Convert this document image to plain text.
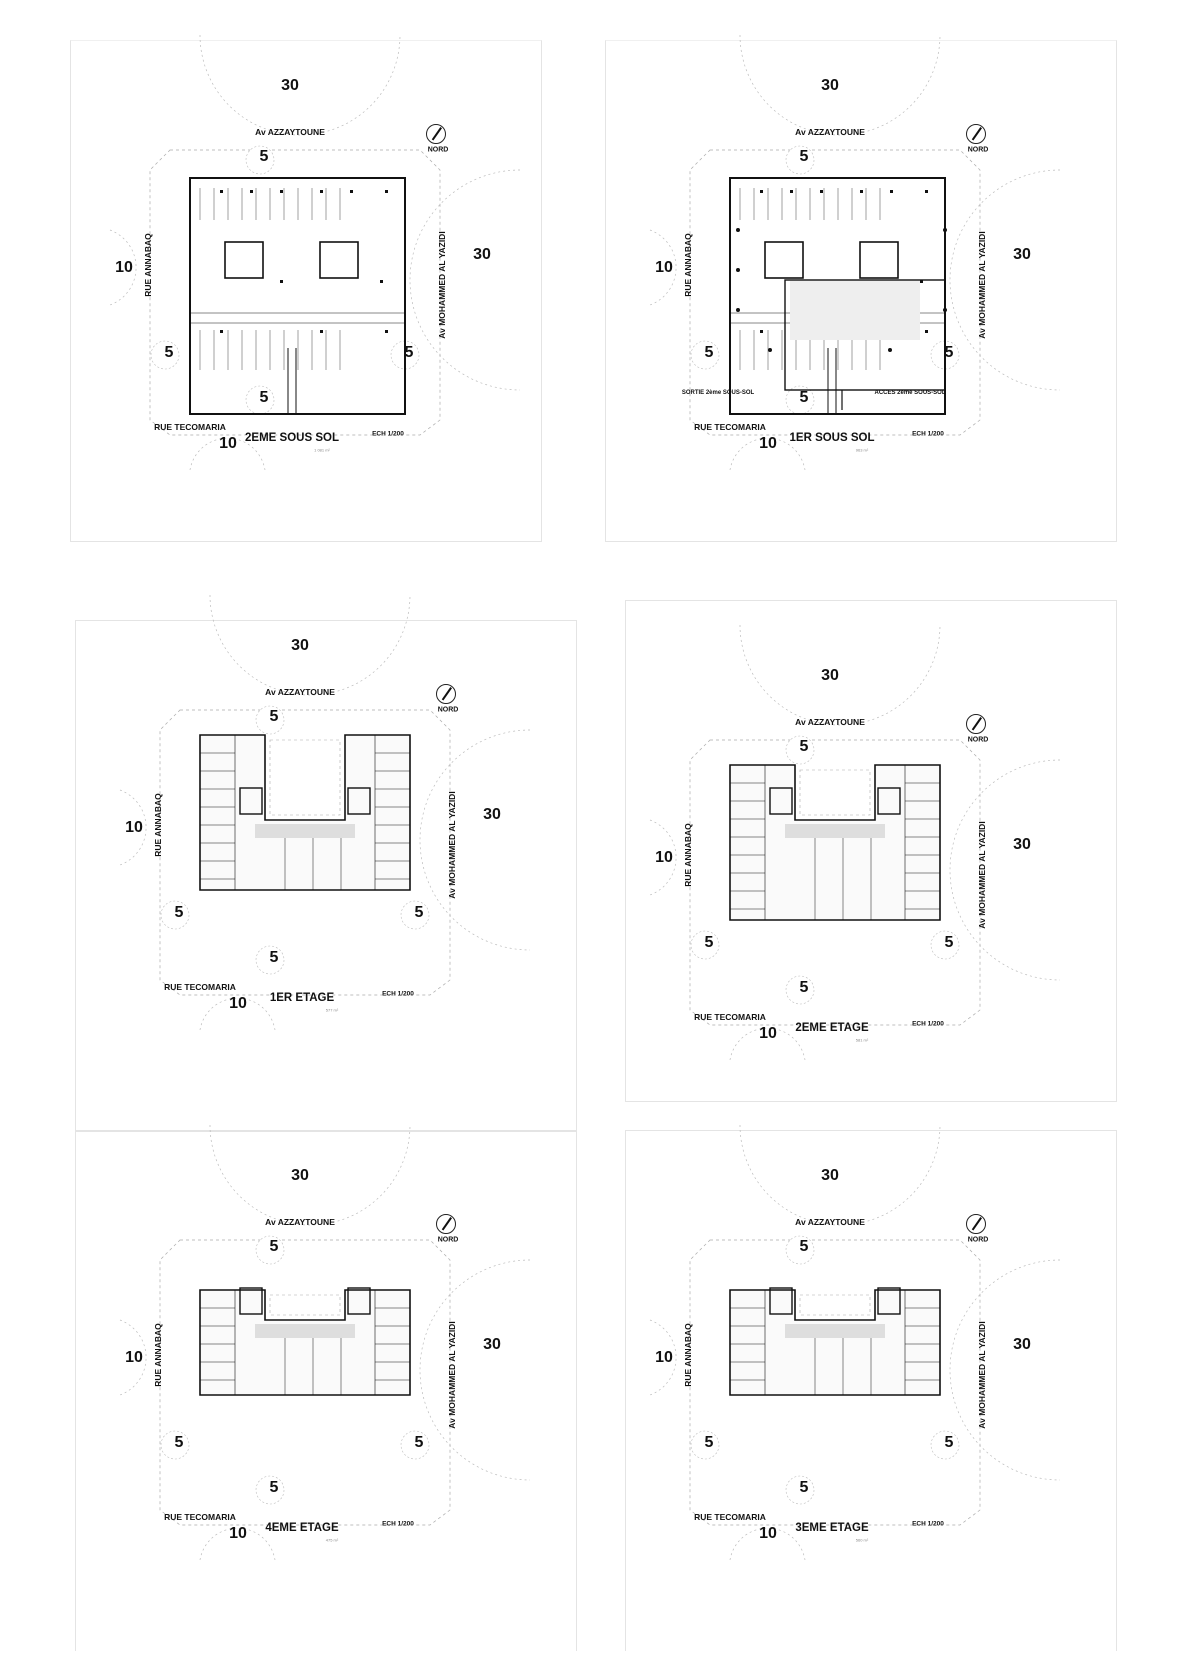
30
30
10
10
5
5	5
5
Av AZZAYTOUNE
RUE ANNABAQ	Av MOHAMMED AL YAZIDI
RUE TECOMARIA
2EME SOUS SOL
1 081 m²
ECH 1/200
NORD
30
30
10
10
5
5	5
5
Av AZZAYTOUNE
RUE ANNABAQ	Av MOHAMMED AL YAZIDI
RUE TECOMARIA
1ER SOUS SOL
963 m²
ECH 1/200
NORD
SORTIE 2ème SOUS-SOL	ACCES 2ème SOUS-SOL
30
30
10
10
5
5	5
5
Av AZZAYTOUNE
RUE ANNABAQ	Av MOHAMMED AL YAZIDI
RUE TECOMARIA
1ER ETAGE
577 m²
ECH 1/200
NORD
30
30
10
10
5
5	5
5
Av AZZAYTOUNE
RUE ANNABAQ	Av MOHAMMED AL YAZIDI
RUE TECOMARIA
2EME ETAGE
581 m²
ECH 1/200
NORD
30
30
10
10
5
5	5
5
Av AZZAYTOUNE
RUE ANNABAQ	Av MOHAMMED AL YAZIDI
RUE TECOMARIA
4EME ETAGE
475 m²
ECH 1/200
NORD
30
30
10
10
5
5	5
5
Av AZZAYTOUNE
RUE ANNABAQ	Av MOHAMMED AL YAZIDI
RUE TECOMARIA
3EME ETAGE
560 m²
ECH 1/200
NORD
